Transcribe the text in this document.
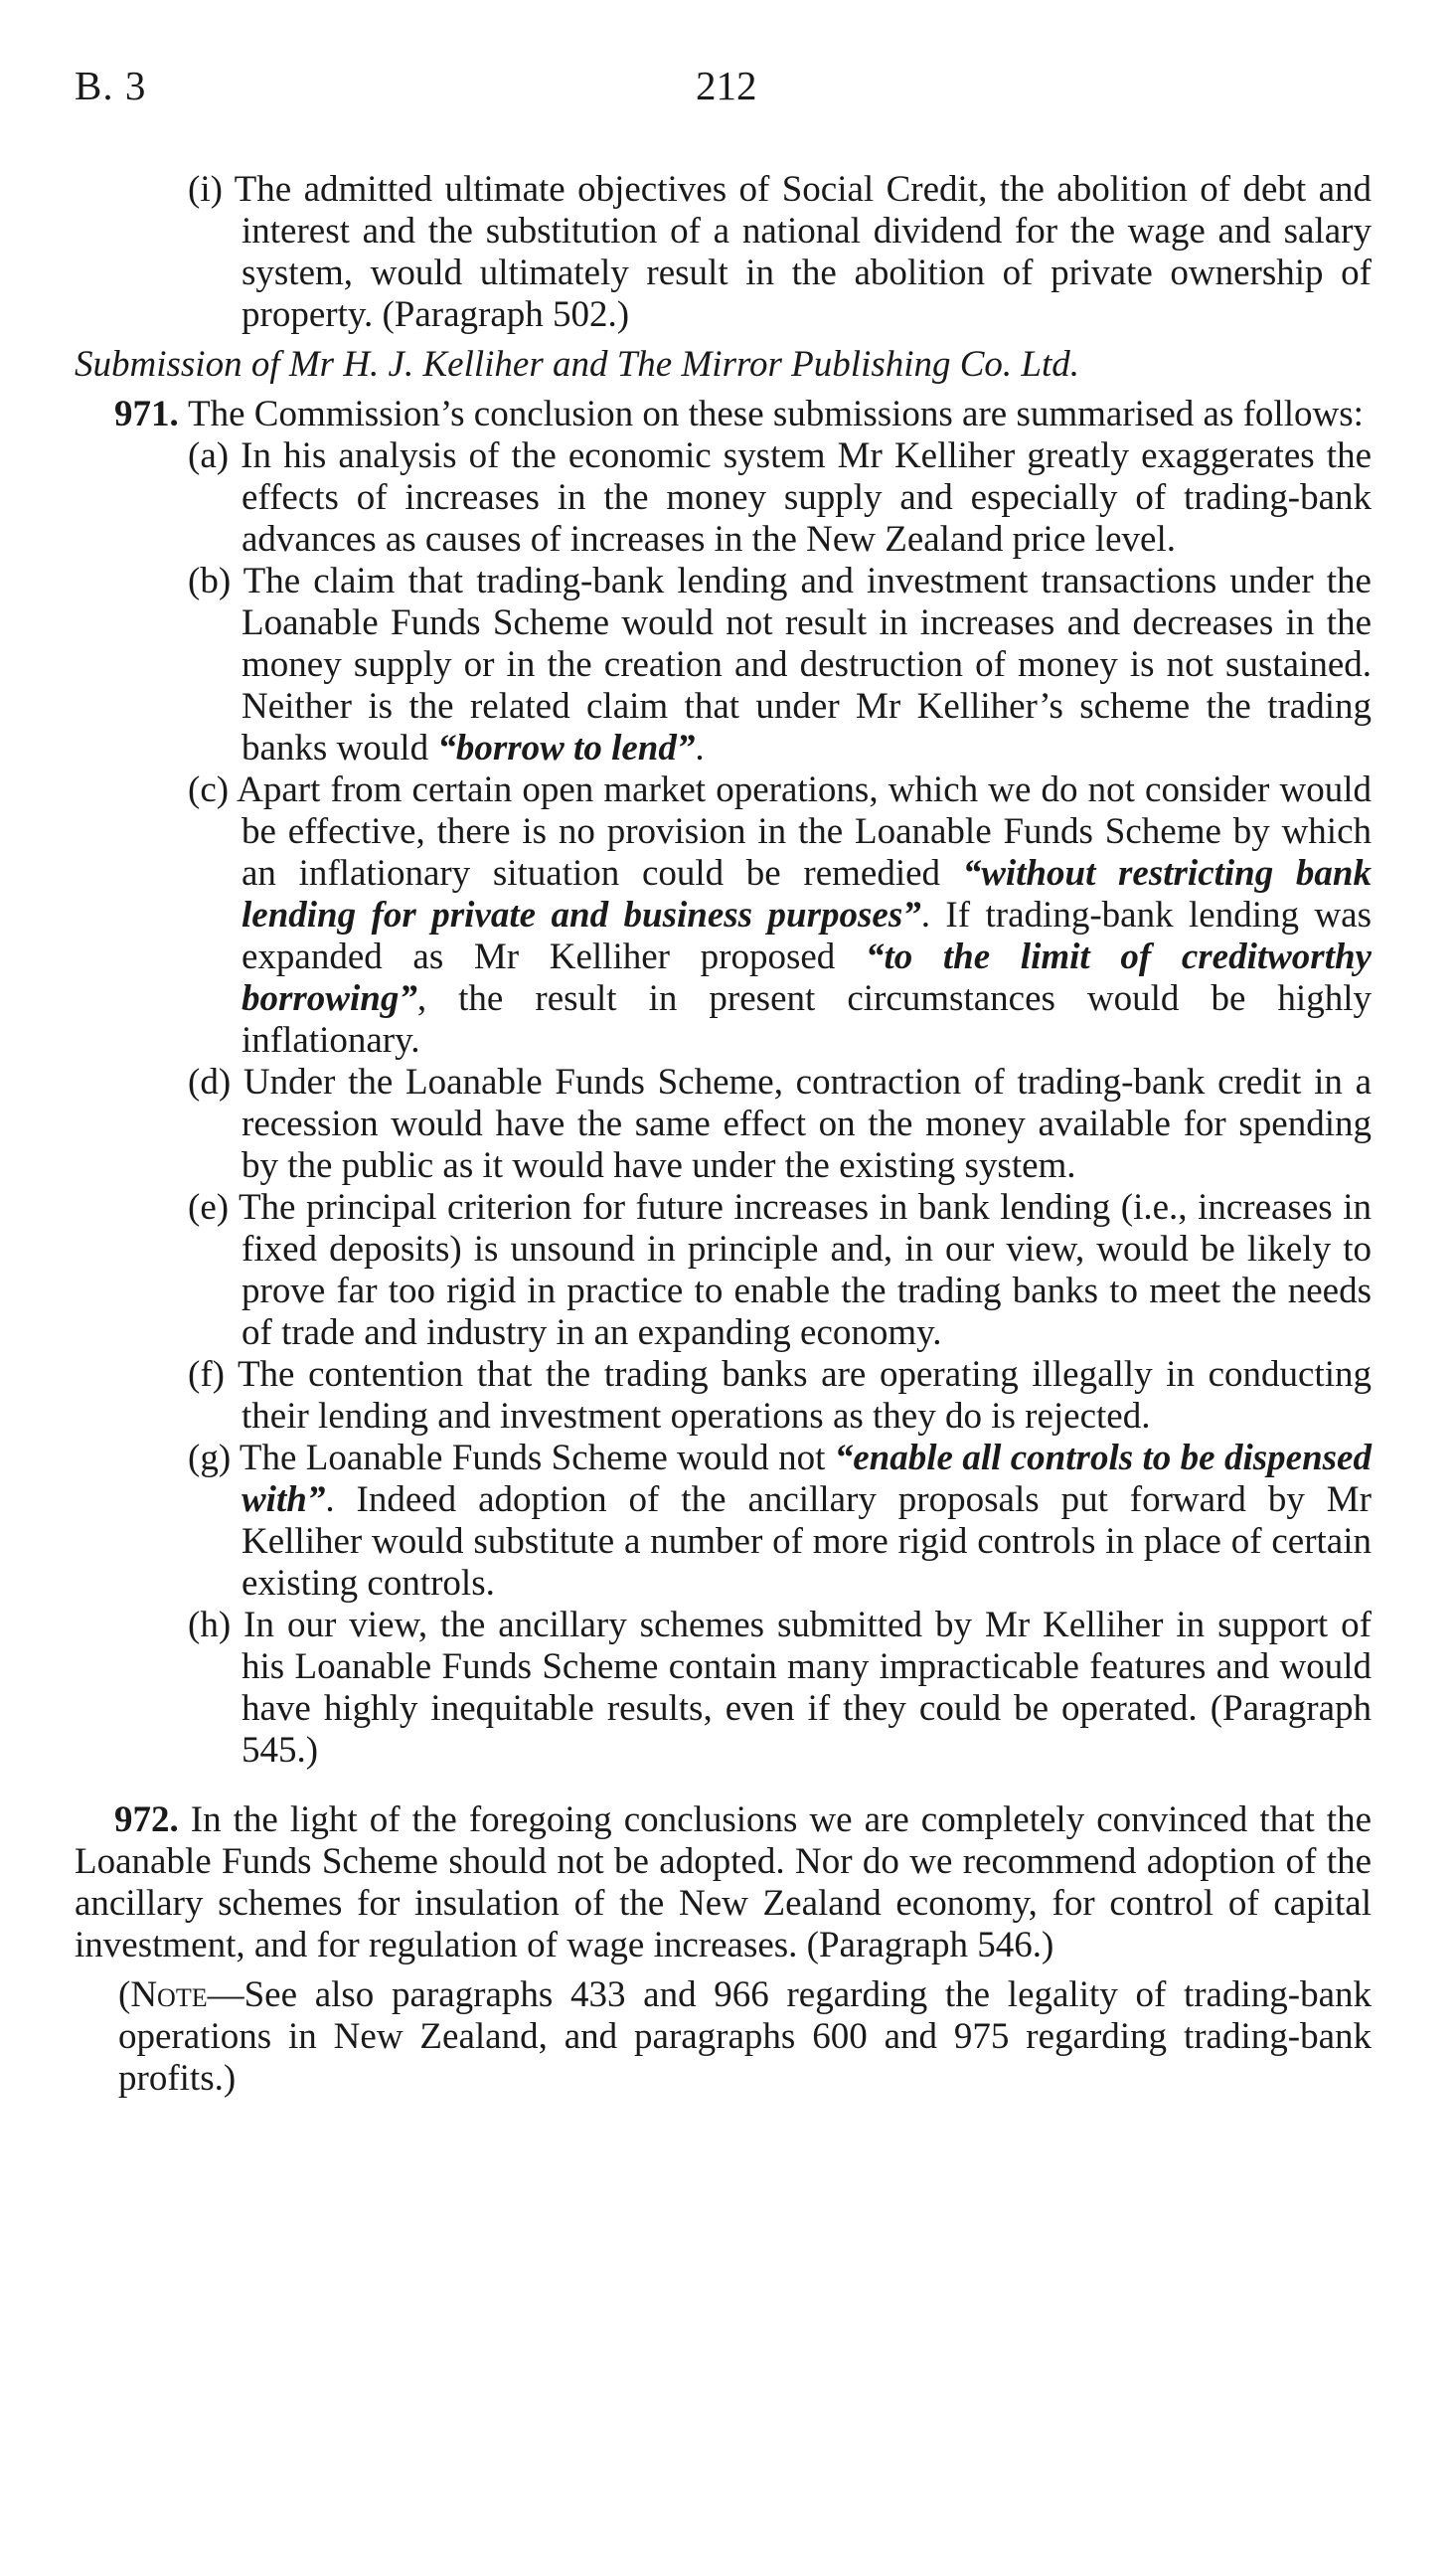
B. 3	212

(i) The admitted ultimate objectives of Social Credit, the abolition of debt and interest and the substitution of a national dividend for the wage and salary system, would ultimately result in the abolition of private ownership of property. (Paragraph 502.)

Submission of Mr H. J. Kelliher and The Mirror Publishing Co. Ltd.

971. The Commission’s conclusion on these submissions are summarised as follows:

(a) In his analysis of the economic system Mr Kelliher greatly exaggerates the effects of increases in the money supply and especially of trading-bank advances as causes of increases in the New Zealand price level.

(b) The claim that trading-bank lending and investment transactions under the Loanable Funds Scheme would not result in increases and decreases in the money supply or in the creation and destruction of money is not sustained. Neither is the related claim that under Mr Kelliher’s scheme the trading banks would “borrow to lend”.

(c) Apart from certain open market operations, which we do not consider would be effective, there is no provision in the Loanable Funds Scheme by which an inflationary situation could be remedied “without restricting bank lending for private and business purposes”. If trading-bank lending was expanded as Mr Kelliher proposed “to the limit of creditworthy borrowing”, the result in present circumstances would be highly inflationary.

(d) Under the Loanable Funds Scheme, contraction of trading-bank credit in a recession would have the same effect on the money available for spending by the public as it would have under the existing system.

(e) The principal criterion for future increases in bank lending (i.e., increases in fixed deposits) is unsound in principle and, in our view, would be likely to prove far too rigid in practice to enable the trading banks to meet the needs of trade and industry in an expanding economy.

(f) The contention that the trading banks are operating illegally in conducting their lending and investment operations as they do is rejected.

(g) The Loanable Funds Scheme would not “enable all controls to be dispensed with”. Indeed adoption of the ancillary proposals put forward by Mr Kelliher would substitute a number of more rigid controls in place of certain existing controls.

(h) In our view, the ancillary schemes submitted by Mr Kelliher in support of his Loanable Funds Scheme contain many impracticable features and would have highly inequitable results, even if they could be operated. (Paragraph 545.)

972. In the light of the foregoing conclusions we are completely convinced that the Loanable Funds Scheme should not be adopted. Nor do we recommend adoption of the ancillary schemes for insulation of the New Zealand economy, for control of capital investment, and for regulation of wage increases. (Paragraph 546.)

(Note—See also paragraphs 433 and 966 regarding the legality of trading-bank operations in New Zealand, and paragraphs 600 and 975 regarding trading-bank profits.)
